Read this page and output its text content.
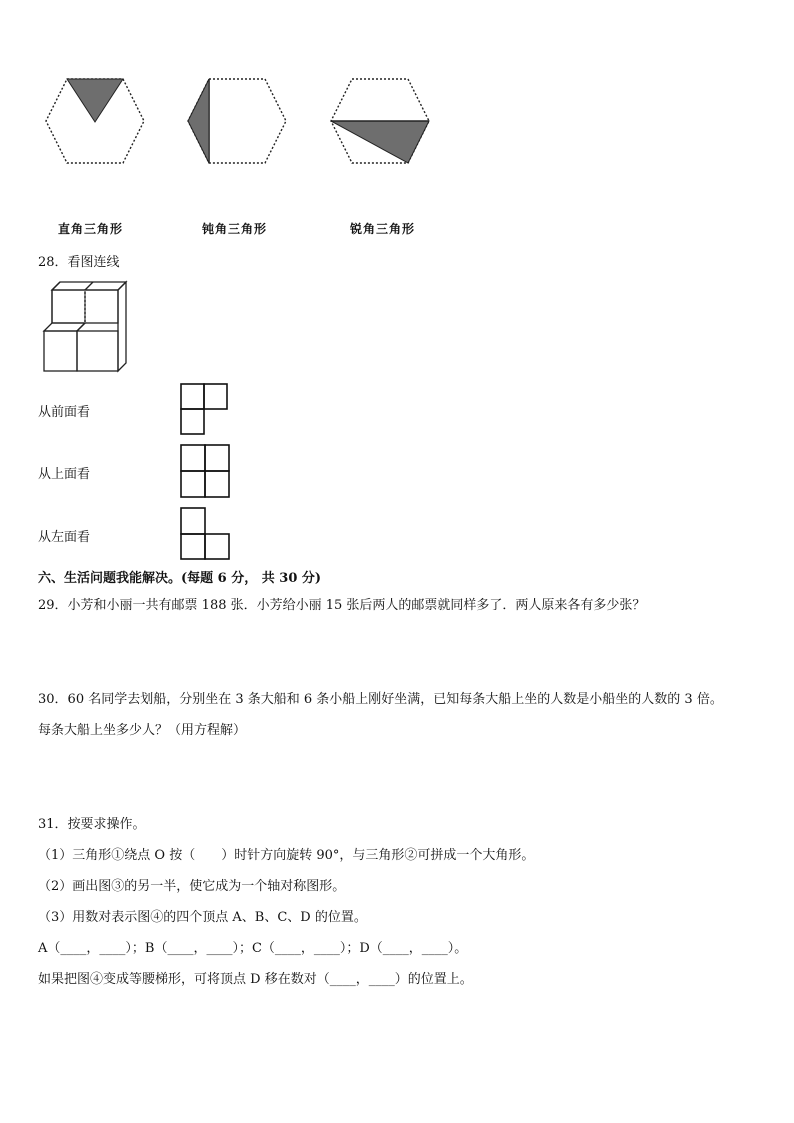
直角三角形	钝角三角形	锐角三角形
28．看图连线
从前面看
从上面看
从左面看
六、生活问题我能解决。(每题 6 分， 共 30 分)
29．小芳和小丽一共有邮票 188 张．小芳给小丽 15 张后两人的邮票就同样多了．两人原来各有多少张？
30．60 名同学去划船，分别坐在 3 条大船和 6 条小船上刚好坐满，已知每条大船上坐的人数是小船坐的人数的 3 倍。
每条大船上坐多少人？（用方程解）
31．按要求操作。
（1）三角形①绕点 O 按（　　）时针方向旋转 90°，与三角形②可拼成一个大角形。
（2）画出图③的另一半，使它成为一个轴对称图形。
（3）用数对表示图④的四个顶点 A、B、C、D 的位置。
A（____，____）；B（____，____）；C（____，____）；D（____，____）。
如果把图④变成等腰梯形，可将顶点 D 移在数对（____，____）的位置上。
